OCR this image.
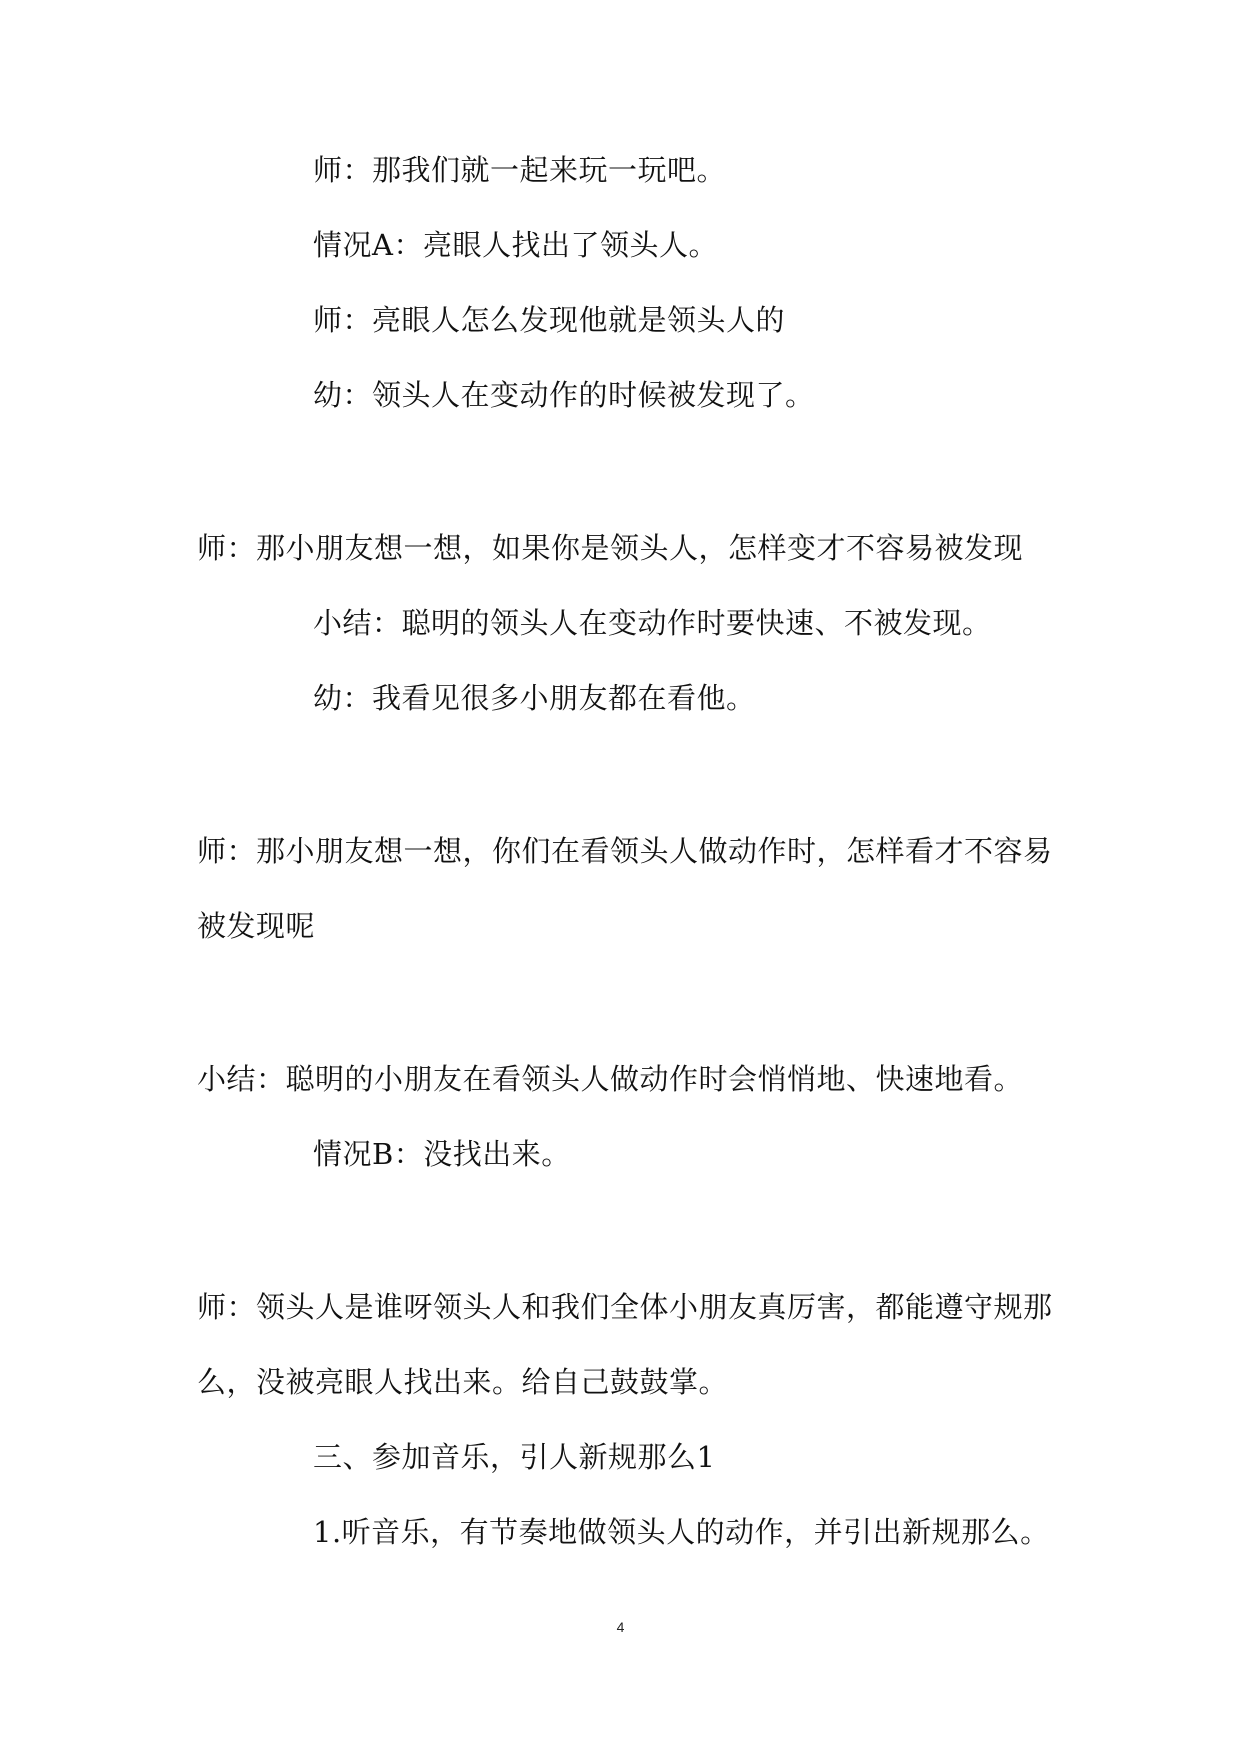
师：那我们就一起来玩一玩吧。
情况A：亮眼人找出了领头人。
师：亮眼人怎么发现他就是领头人的
幼：领头人在变动作的时候被发现了。
师：那小朋友想一想，如果你是领头人，怎样变才不容易被发现
小结：聪明的领头人在变动作时要快速、不被发现。
幼：我看见很多小朋友都在看他。
师：那小朋友想一想，你们在看领头人做动作时，怎样看才不容易
被发现呢
小结：聪明的小朋友在看领头人做动作时会悄悄地、快速地看。
情况B：没找出来。
师：领头人是谁呀领头人和我们全体小朋友真厉害，都能遵守规那
么，没被亮眼人找出来。给自己鼓鼓掌。
三、参加音乐，引人新规那么1
1.听音乐，有节奏地做领头人的动作，并引出新规那么。
4
